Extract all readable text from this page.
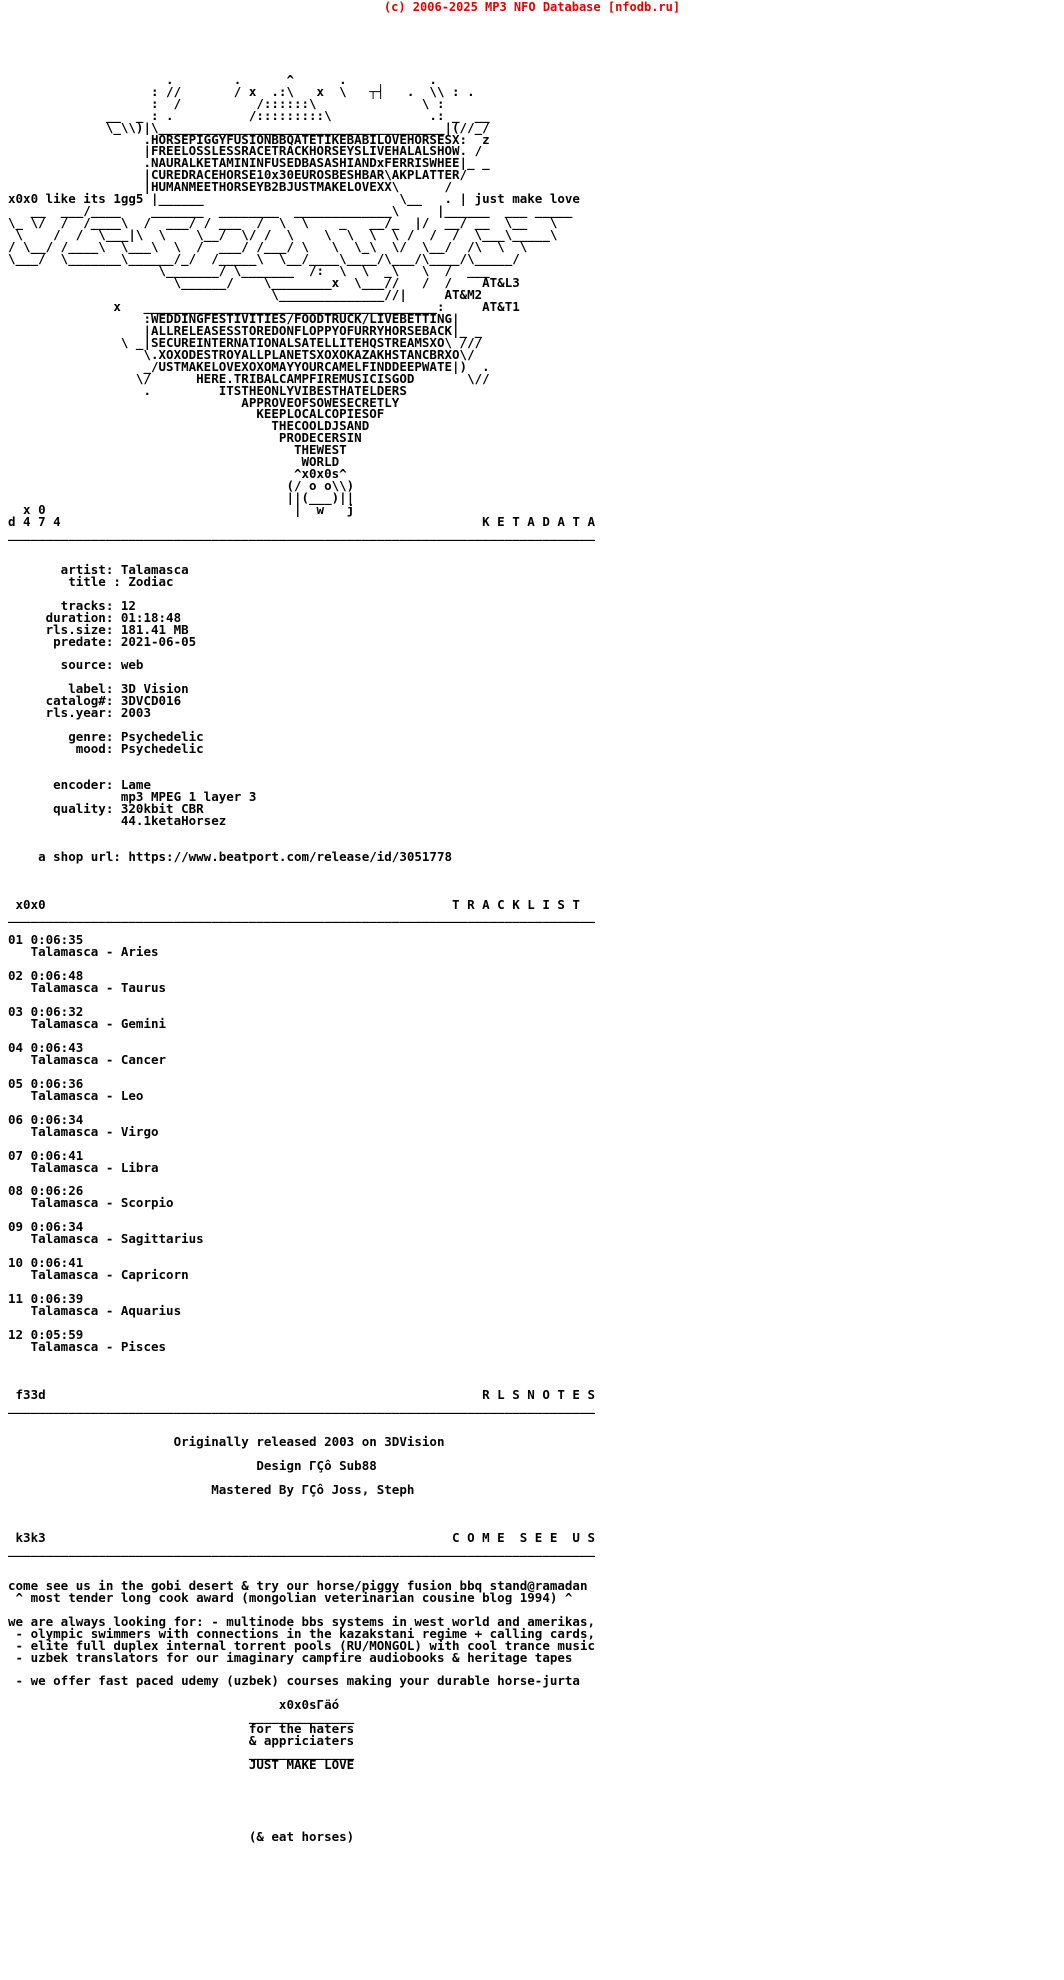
(c) 2006-2025 MP3 NFO Database [nfodb.ru]

.        .      ^      .           .
: //       / x  .:\   x  \   ┬┤   .  \\ : .
:  /          /::::::\              \ :
__  _ : .          /:::::::::\             .: _  __
\_\\)|\______________________________________|(//_/
.HORSEPIGGYFUSIONBBQATETIKEBABILOVEHORSESX:  z
|FREELOSSLESSRACETRACKHORSEYSLIVEHALALSHOW. /
.NAURALKETAMININFUSEDBASASHIANDxFERRISWHEE|_ _
|CUREDRACEHORSE10x30EUROSBESHBAR\AKPLATTER/
|HUMANMEETHORSEYB2BJUSTMAKELOVEXX\      /
x0x0 like its 1gg5 |______                          \__   . | just make love
__  ___/____    _______  ________  _____________\     |______  ___ _____
\_ \/  /  /____\  /  ___/ / ___  /  \  \    _   __/_  |/  __/ __  \__   \
\    /  /  \___|\  \    \__/  \/ /  \    \  \  \  \ /  /  /  \___\_____\
/ \__/ /____\  \___\  \  /  ___/ /___/ \   \  \_\  \/  \__/  /\  \  \
\___/  \_______\______/_/  /_____\  \__/____\____/\___/\____/\_____/
\_______/ \_______  /:  \  \  _\   \  /  ___
\______/    \________x  \___//   /  /    AT&L3
\______________//|     AT&M2
x   _______________________________________:     AT&T1
:WEDDINGFESTIVITIES/FOODTRUCK/LIVEBETTING|
|ALLRELEASESSTOREDONFLOPPYOFURRYHORSEBACK|_ _
\ _|SECUREINTERNATIONALSATELLITEHQSTREAMSXO\ ///
\.XOXODESTROYALLPLANETSXOXOKAZAKHSTANCBRXO\/
_/USTMAKELOVEXOXOMAYYOURCAMELFINDDEEPWATE|)  .
\/      HERE.TRIBALCAMPFIREMUSICISGOD       \//
.         ITSTHEONLYVIBESTHATELDERS
APPROVEOFSOWESECRETLY
KEEPLOCALCOPIESOF
THECOOLDJSAND
PRODECERSIN
THEWEST
WORLD
^x0x0s^
(/ o o\\)
||(___)||
x 0                                 |  w   j
d 4 7 4                                                        K E T A D A T A
______________________________________________________________________________

artist: Talamasca
title : Zodiac

tracks: 12
duration: 01:18:48
rls.size: 181.41 MB
predate: 2021-06-05

source: web

label: 3D Vision
catalog#: 3DVCD016
rls.year: 2003

genre: Psychedelic
mood: Psychedelic

encoder: Lame
mp3 MPEG 1 layer 3
quality: 320kbit CBR
44.1ketaHorsez

a shop url: https://www.beatport.com/release/id/3051778

x0x0                                                      T R A C K L I S T
______________________________________________________________________________

01 0:06:35
Talamasca - Aries

02 0:06:48
Talamasca - Taurus

03 0:06:32
Talamasca - Gemini

04 0:06:43
Talamasca - Cancer

05 0:06:36
Talamasca - Leo

06 0:06:34
Talamasca - Virgo

07 0:06:41
Talamasca - Libra

08 0:06:26
Talamasca - Scorpio

09 0:06:34
Talamasca - Sagittarius

10 0:06:41
Talamasca - Capricorn

11 0:06:39
Talamasca - Aquarius

12 0:05:59
Talamasca - Pisces

f33d                                                          R L S N O T E S
______________________________________________________________________________

Originally released 2003 on 3DVision

Design ΓÇô Sub88

Mastered By ΓÇô Joss, Steph

k3k3                                                      C O M E  S E E  U S
______________________________________________________________________________

come see us in the gobi desert & try our horse/piggy fusion bbq stand@ramadan
^ most tender long cook award (mongolian veterinarian cousine blog 1994) ^

we are always looking for: - multinode bbs systems in west world and amerikas,
- olympic swimmers with connections in the kazakstani regime + calling cards,
- elite full duplex internal torrent pools (RU/MONGOL) with cool trance music
- uzbek translators for our imaginary campfire audiobooks & heritage tapes

- we offer fast paced udemy (uzbek) courses making your durable horse-jurta

x0x0sΓäó
______________
for the haters
& appriciaters
______________
JUST MAKE LOVE

(& eat horses)
